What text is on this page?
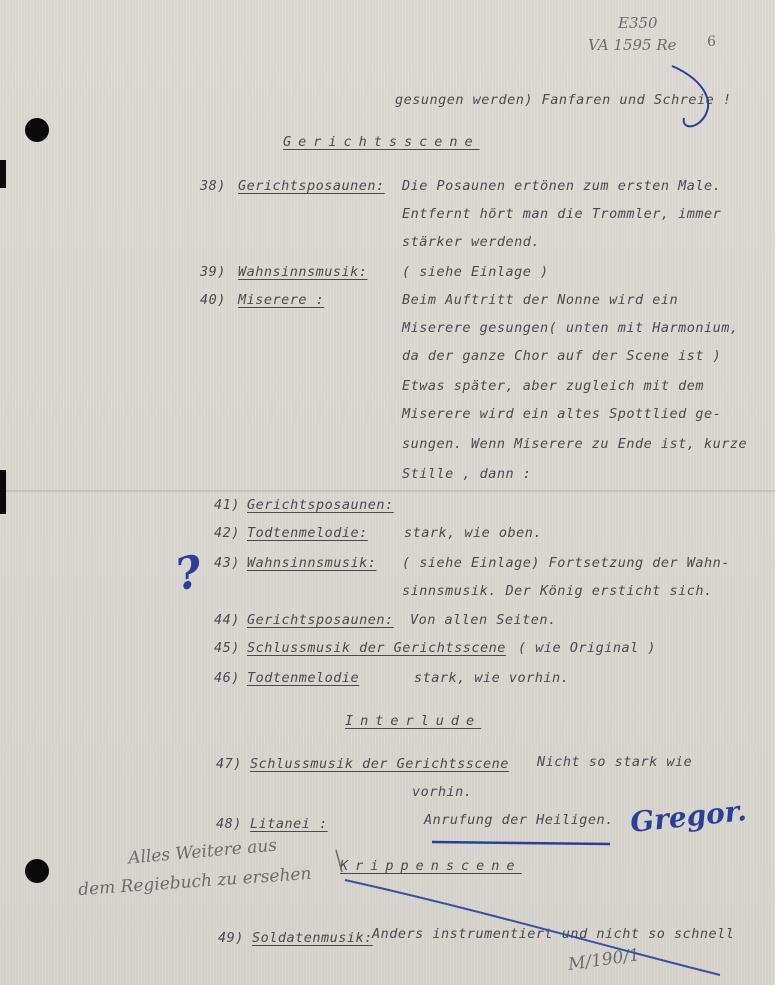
E350
VA 1595 Re 6
gesungen werden) Fanfaren und Schreie !
Gerichtsscene
38) Gerichtsposaunen: Die Posaunen ertönen zum ersten Male.
Entfernt hört man die Trommler, immer
stärker werdend.
39) Wahnsinnsmusik:	( siehe Einlage )
40) Miserere :	Beim Auftritt der Nonne wird ein
Miserere gesungen( unten mit Harmonium,
da der ganze Chor auf der Scene ist )
Etwas später, aber zugleich mit dem
Miserere wird ein altes Spottlied ge-
sungen. Wenn Miserere zu Ende ist, kurze
Stille , dann :
41) Gerichtsposaunen:
42) Todtenmelodie:	stark, wie oben.
43) Wahnsinnsmusik: ( siehe Einlage) Fortsetzung der Wahn-
sinnsmusik. Der König ersticht sich.
44) Gerichtsposaunen: Von allen Seiten.
45) Schlussmusik der Gerichtsscene ( wie Original )
46) Todtenmelodie	stark, wie vorhin.
Interlude
47) Schlussmusik der Gerichtsscene Nicht so stark wie
vorhin.
48) Litanei :	Anrufung der Heiligen.
Krippenscene
49) Soldatenmusik: Anders instrumentiert und nicht so schnell
?
Gregor.
Alles Weitere aus
dem Regiebuch zu ersehen
M/190/1
